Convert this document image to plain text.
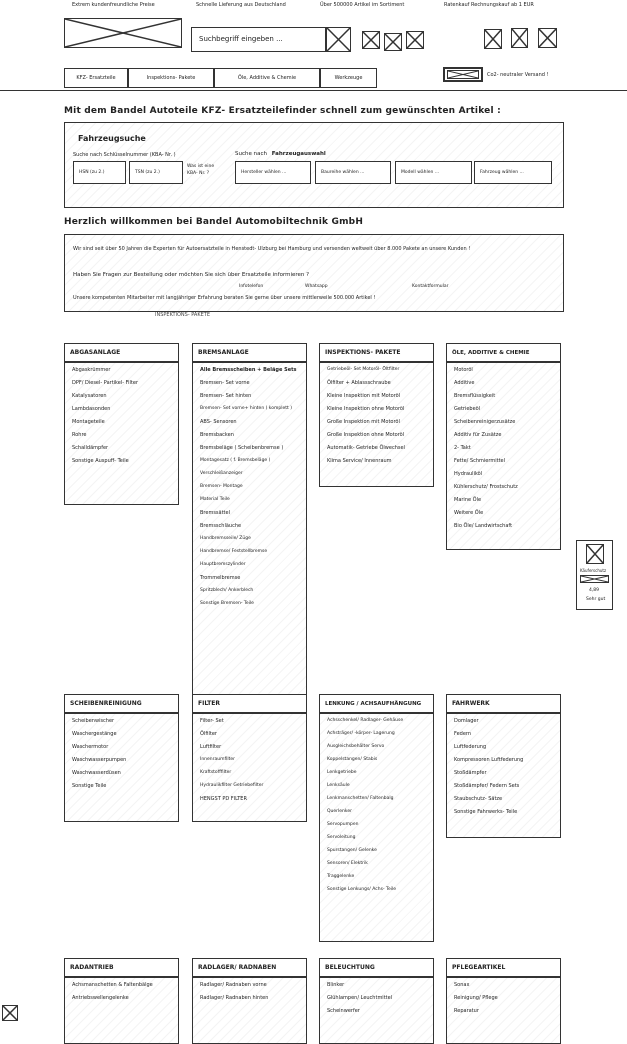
Extrem kundenfreundliche Preise	Schnelle Lieferung aus Deutschland	Über 500000 Artikel im Sortiment	Ratenkauf Rechnungskauf ab 1 EUR
Suchbegriff eingeben ...
KFZ- Ersatzteile	Inspektions- Pakete	Öle, Additive & Chemie	Werkzeuge	Co2- neutraler Versand !
Mit dem Bandel Autoteile KFZ- Ersatzteilefinder schnell zum gewünschten Artikel :
Fahrzeugsuche
Suche nach Schlüsselnummer (KBA- Nr. )	Suche nach Fahrzeugauswahl
HSN (zu 2.)	TSN (zu 2.)
Was ist eine KBA- Nr. ?	Hersteller wählen ...	Baureihe wählen ...	Modell wählen ...	Fahrzeug wählen ...
Herzlich willkommen bei Bandel Automobiltechnik GmbH
Wir sind seit über 50 Jahren die Experten für Autoersatzteile in Henstedt- Ulzburg bei Hamburg und versenden weltweit über 8.000 Pakete an unsere Kunden !
Haben Sie Fragen zur Bestellung oder möchten Sie sich über Ersatzteile informieren ?
Infotelefon	Whatsapp	Kontaktformular
Unsere kompetenten Mitarbeiter mit langjähriger Erfahrung beraten Sie gerne über unsere mittlerweile 500.000 Artikel !
INSPEKTIONS- PAKETE
ABGASANLAGE
Abgaskrümmer
DPF/ Diesel- Partikel- Filter
Katalysatoren
Lambdasonden
Montageteile
Rohre
Schalldämpfer
Sonstige Auspuff- Teile
BREMSANLAGE
Alle Bremsscheiben + Beläge Sets
Bremsen- Set vorne
Bremsen- Set hinten
Bremsen- Set vorne+ hinten ( komplett )
ABS- Sensoren
Bremsbacken
Bremsbeläge ( Scheibenbremse )
Montagesatz ( f. Bremsbeläge )
Verschleißanzeiger
Bremsen- Montage
Material Teile
Bremssättel
Bremsschläuche
Handbremsseile/ Züge
Handbremse/ Feststellbremse
Hauptbremszylinder
Trommelbremse
Spritzblech/ Ankerblech
Sonstige Bremsen- Teile
INSPEKTIONS- PAKETE
Getriebeöl- Set Motoröl- Öltfilter
Ölfilter + Ablassschraube
Kleine Inspektion mit Motoröl
Kleine Inspektion ohne Motoröl
Große Inspektion mit Motoröl
Große Inspektion ohne Motoröl
Automatik- Getriebe Ölwechsel
Klima Service/ Innenraum
ÖLE, ADDITIVE & CHEMIE
Motoröl
Additive
Bremsflüssigkeit
Getriebeöl
Scheibenreinigerzusätze
Additiv für Zusätze
2- Takt
Fette/ Schmiermittel
Hydrauliköl
Kühlerschutz/ Frostschutz
Marine Öle
Weitere Öle
Bio Öle/ Landwirtschaft
Käuferschutz
4,89
Sehr gut
SCHEIBENREINIGUNG
Scheibenwischer
Waschergestänge
Waschermotor
Waschwasserpumpen
Waschwasserdüsen
Sonstige Teile
FILTER
Filter- Set
Ölfilter
Luftfilter
Innenraumfilter
Kraftstofffilter
Hydraulikfilter Getriebefilter
HENGST PD FILTER
LENKUNG / ACHSAUFHÄNGUNG
Achsschenkel/ Radlager- Gehäuse
Achsträger/ -körper- Lagerung
Ausgleichsbehälter Servo
Koppelstangen/ Stabis
Lenkgetriebe
Lenksäule
Lenkmanschetten/ Faltenbalg
Querlenker
Servopumpen
Servoleitung
Spurstangen/ Gelenke
Sensoren/ Elektrik
Traggelenke
Sonstige Lenkungs/ Achs- Teile
FAHRWERK
Domlager
Federn
Luftfederung
Kompressoren Luftfederung
Stoßdämpfer
Stoßdämpfer/ Federn Sets
Staubschutz- Sätze
Sonstige Fahrwerks- Teile
RADANTRIEB
Achsmanschetten & Faltenbälge
Antriebswellengelenke
RADLAGER/ RADNABEN
Radlager/ Radnaben vorne
Radlager/ Radnaben hinten
BELEUCHTUNG
Blinker
Glühlampen/ Leuchtmittel
Scheinwerfer
PFLEGEARTIKEL
Sonax
Reinigung/ Pflege
Reparatur
